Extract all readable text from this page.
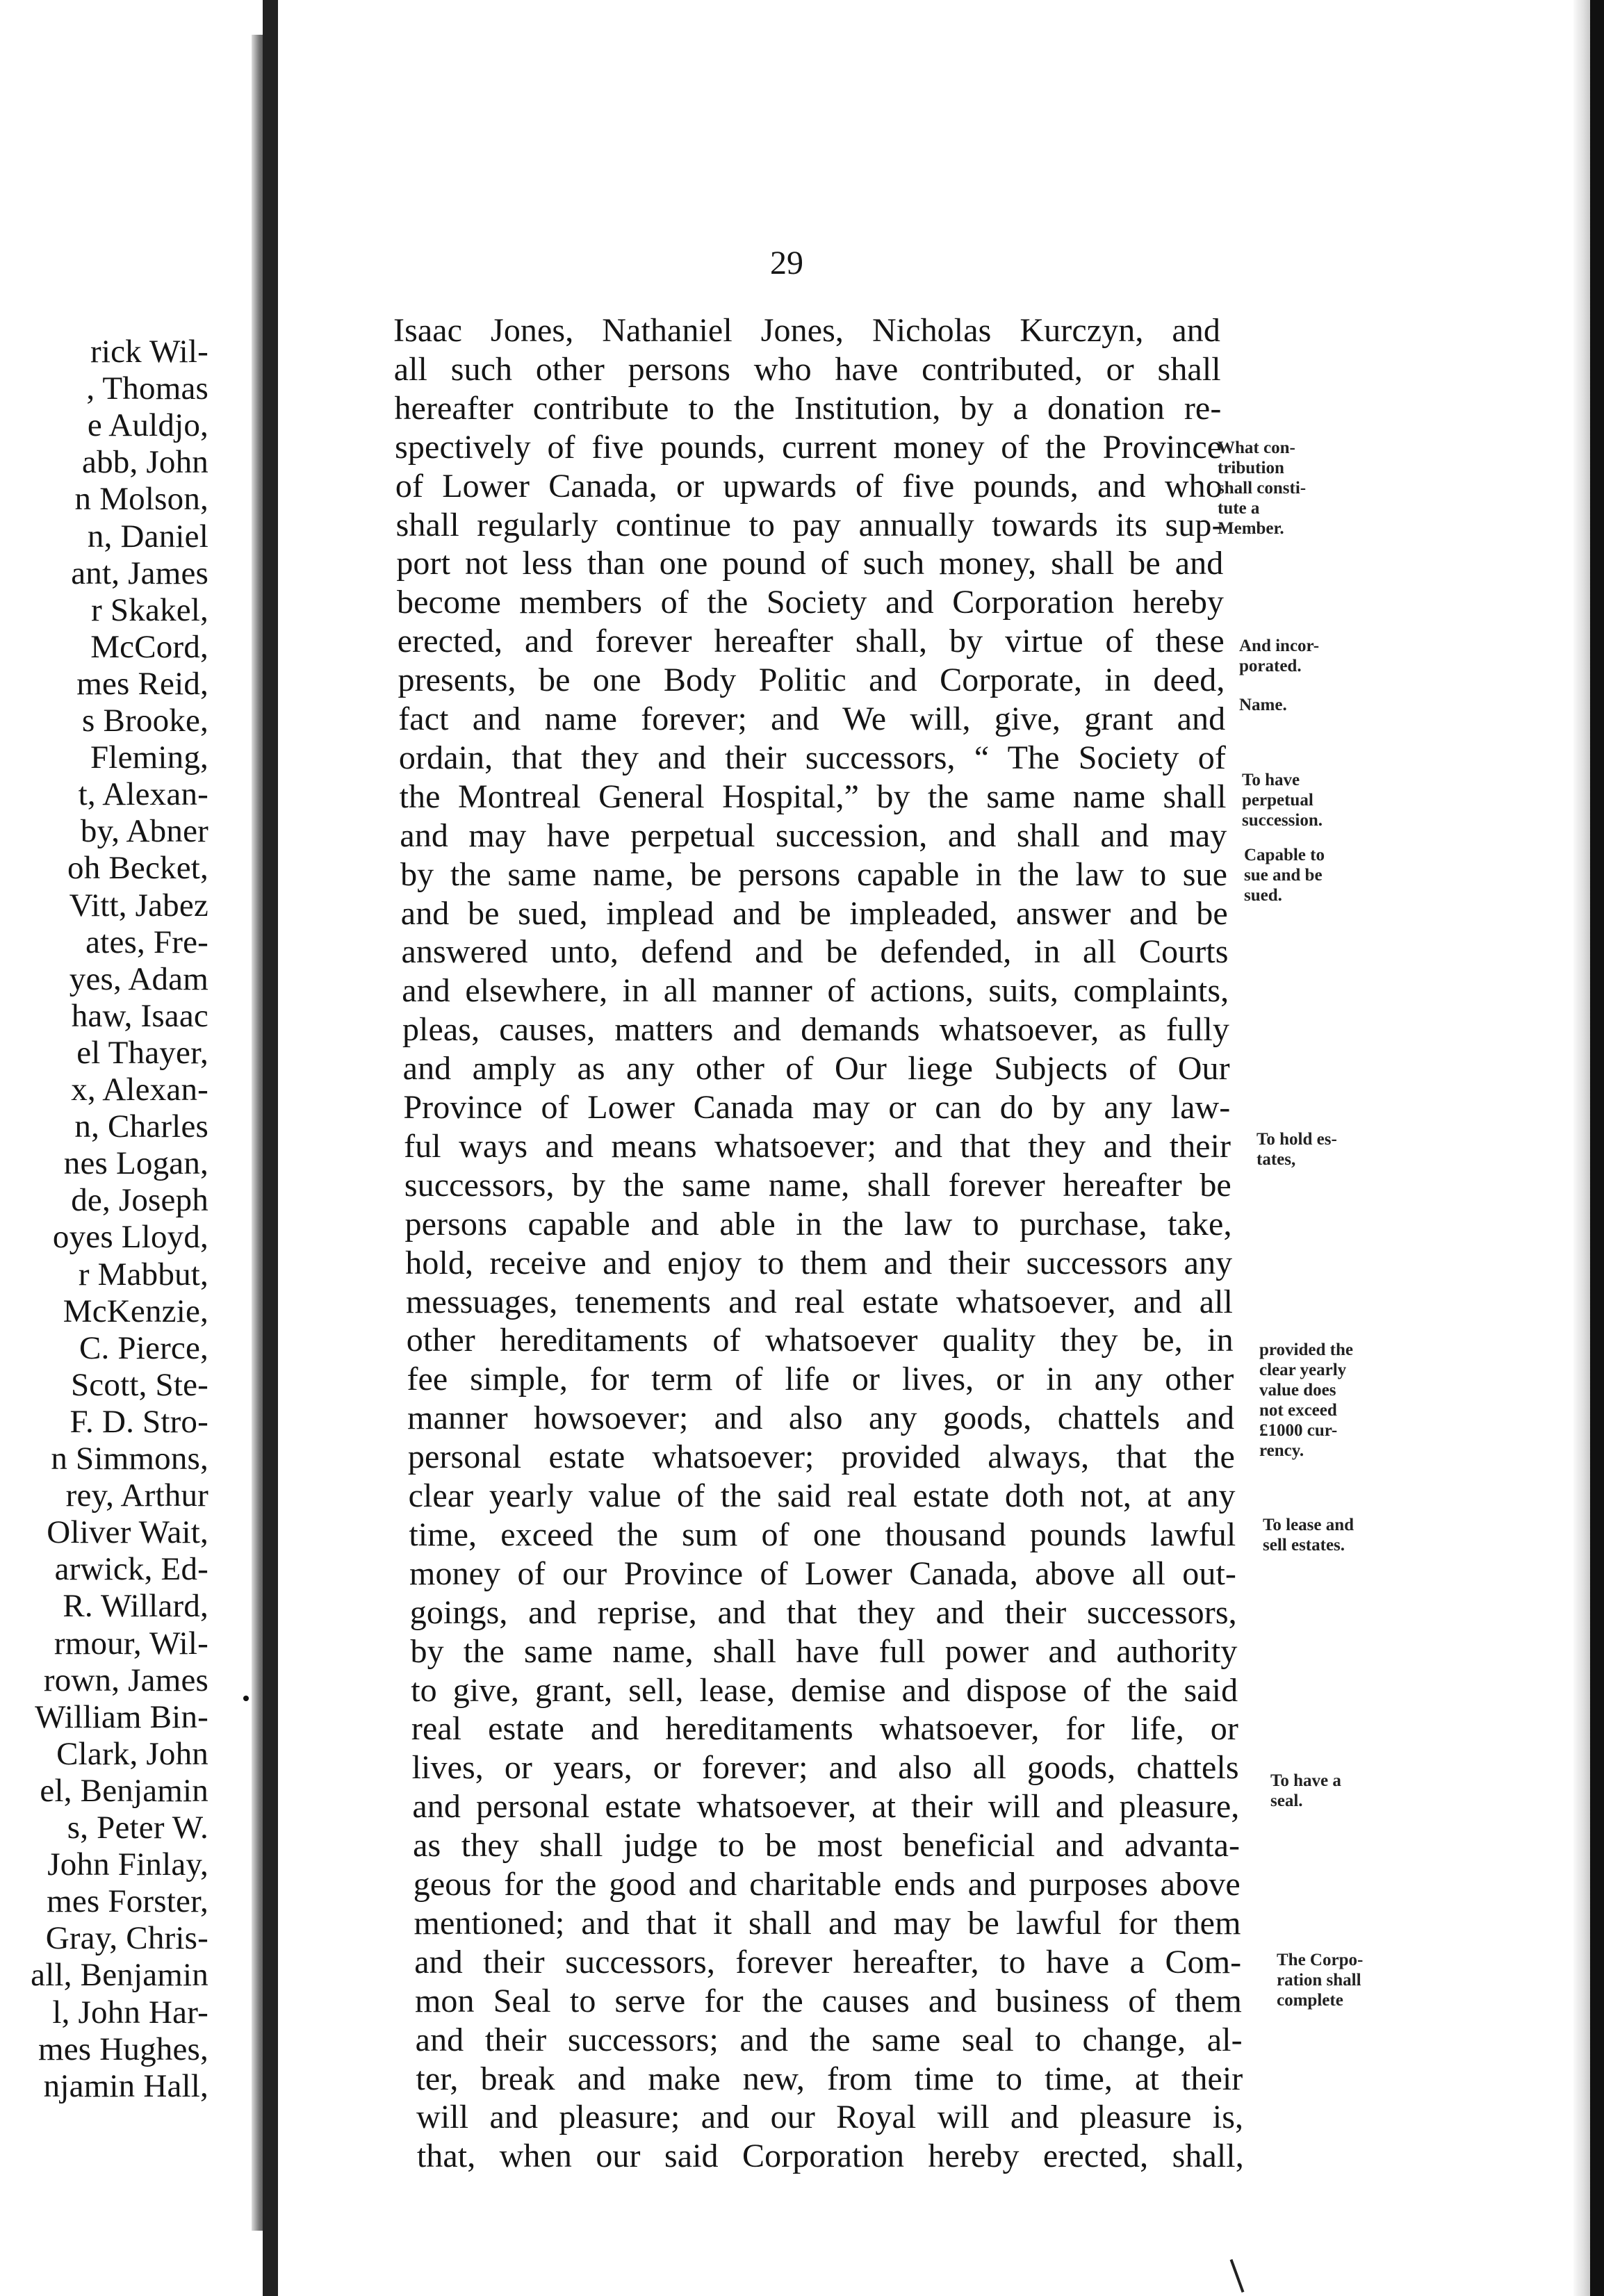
rick Wil-
, Thomas
e Auldjo,
abb, John
n Molson,
n, Daniel
ant, James
r Skakel,
McCord,
mes Reid,
s Brooke,
Fleming,
t, Alexan-
by, Abner
oh Becket,
Vitt, Jabez
ates, Fre-
yes, Adam
haw, Isaac
el Thayer,
x, Alexan-
n, Charles
nes Logan,
de, Joseph
oyes Lloyd,
r Mabbut,
McKenzie,
C. Pierce,
Scott, Ste-
F. D. Stro-
n Simmons,
rey, Arthur
Oliver Wait,
arwick, Ed-
R. Willard,
rmour, Wil-
rown, James
William Bin-
Clark, John
el, Benjamin
s, Peter W.
John Finlay,
mes Forster,
Gray, Chris-
all, Benjamin
l, John Har-
mes Hughes,
njamin Hall,
29
Isaac Jones, Nathaniel Jones, Nicholas Kurczyn, and
all such other persons who have contributed, or shall
hereafter contribute to the Institution, by a donation re-
spectively of five pounds, current money of the Province
of Lower Canada, or upwards of five pounds, and who
shall regularly continue to pay annually towards its sup-
port not less than one pound of such money, shall be and
become members of the Society and Corporation hereby
erected, and forever hereafter shall, by virtue of these
presents, be one Body Politic and Corporate, in deed,
fact and name forever; and We will, give, grant and
ordain, that they and their successors, “ The Society of
the Montreal General Hospital,” by the same name shall
and may have perpetual succession, and shall and may
by the same name, be persons capable in the law to sue
and be sued, implead and be impleaded, answer and be
answered unto, defend and be defended, in all Courts
and elsewhere, in all manner of actions, suits, complaints,
pleas, causes, matters and demands whatsoever, as fully
and amply as any other of Our liege Subjects of Our
Province of Lower Canada may or can do by any law-
ful ways and means whatsoever; and that they and their
successors, by the same name, shall forever hereafter be
persons capable and able in the law to purchase, take,
hold, receive and enjoy to them and their successors any
messuages, tenements and real estate whatsoever, and all
other hereditaments of whatsoever quality they be, in
fee simple, for term of life or lives, or in any other
manner howsoever; and also any goods, chattels and
personal estate whatsoever; provided always, that the
clear yearly value of the said real estate doth not, at any
time, exceed the sum of one thousand pounds lawful
money of our Province of Lower Canada, above all out-
goings, and reprise, and that they and their successors,
by the same name, shall have full power and authority
to give, grant, sell, lease, demise and dispose of the said
real estate and hereditaments whatsoever, for life, or
lives, or years, or forever; and also all goods, chattels
and personal estate whatsoever, at their will and pleasure,
as they shall judge to be most beneficial and advanta-
geous for the good and charitable ends and purposes above
mentioned; and that it shall and may be lawful for them
and their successors, forever hereafter, to have a Com-
mon Seal to serve for the causes and business of them
and their successors; and the same seal to change, al-
ter, break and make new, from time to time, at their
will and pleasure; and our Royal will and pleasure is,
that, when our said Corporation hereby erected, shall,
What con-
tribution
shall consti-
tute a
Member.
And incor-
porated.
Name.
To have
perpetual
succession.
Capable to
sue and be
sued.
To hold es-
tates,
provided the
clear yearly
value does
not exceed
£1000 cur-
rency.
To lease and
sell estates.
To have a
seal.
The Corpo-
ration shall
complete
